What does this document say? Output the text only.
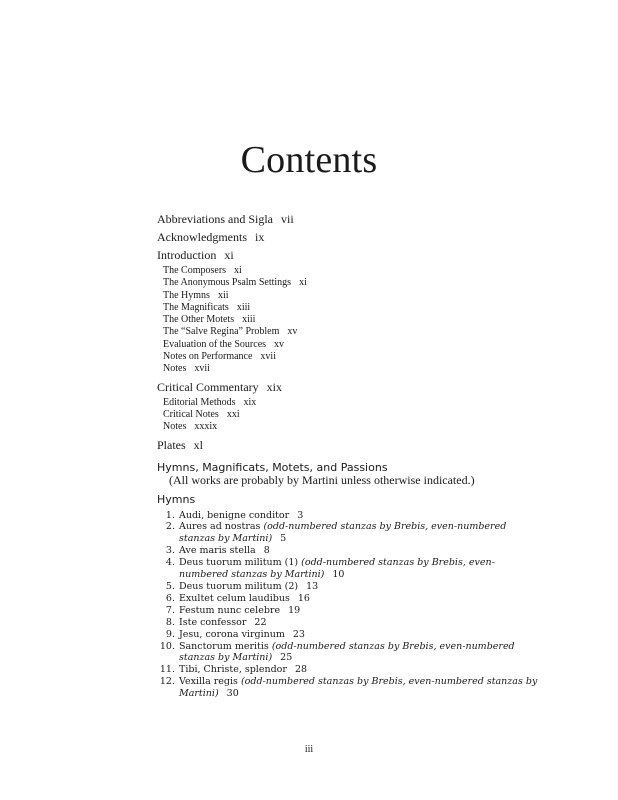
Contents
Abbreviations and Sigla vii
Acknowledgments ix
Introduction xi
The Composers xi
The Anonymous Psalm Settings xi
The Hymns xii
The Magnificats xiii
The Other Motets xiii
The “Salve Regina” Problem xv
Evaluation of the Sources xv
Notes on Performance xvii
Notes xvii
Critical Commentary xix
Editorial Methods xix
Critical Notes xxi
Notes xxxix
Plates xl
Hymns, Magnificats, Motets, and Passions
(All works are probably by Martini unless otherwise indicated.)
Hymns
1. Audi, benigne conditor 3
2. Aures ad nostras (odd-numbered stanzas by Brebis, even-numbered stanzas by Martini) 5
3. Ave maris stella 8
4. Deus tuorum militum (1) (odd-numbered stanzas by Brebis, even-numbered stanzas by Martini) 10
5. Deus tuorum militum (2) 13
6. Exultet celum laudibus 16
7. Festum nunc celebre 19
8. Iste confessor 22
9. Jesu, corona virginum 23
10. Sanctorum meritis (odd-numbered stanzas by Brebis, even-numbered stanzas by Martini) 25
11. Tibi, Christe, splendor 28
12. Vexilla regis (odd-numbered stanzas by Brebis, even-numbered stanzas by Martini) 30
iii
